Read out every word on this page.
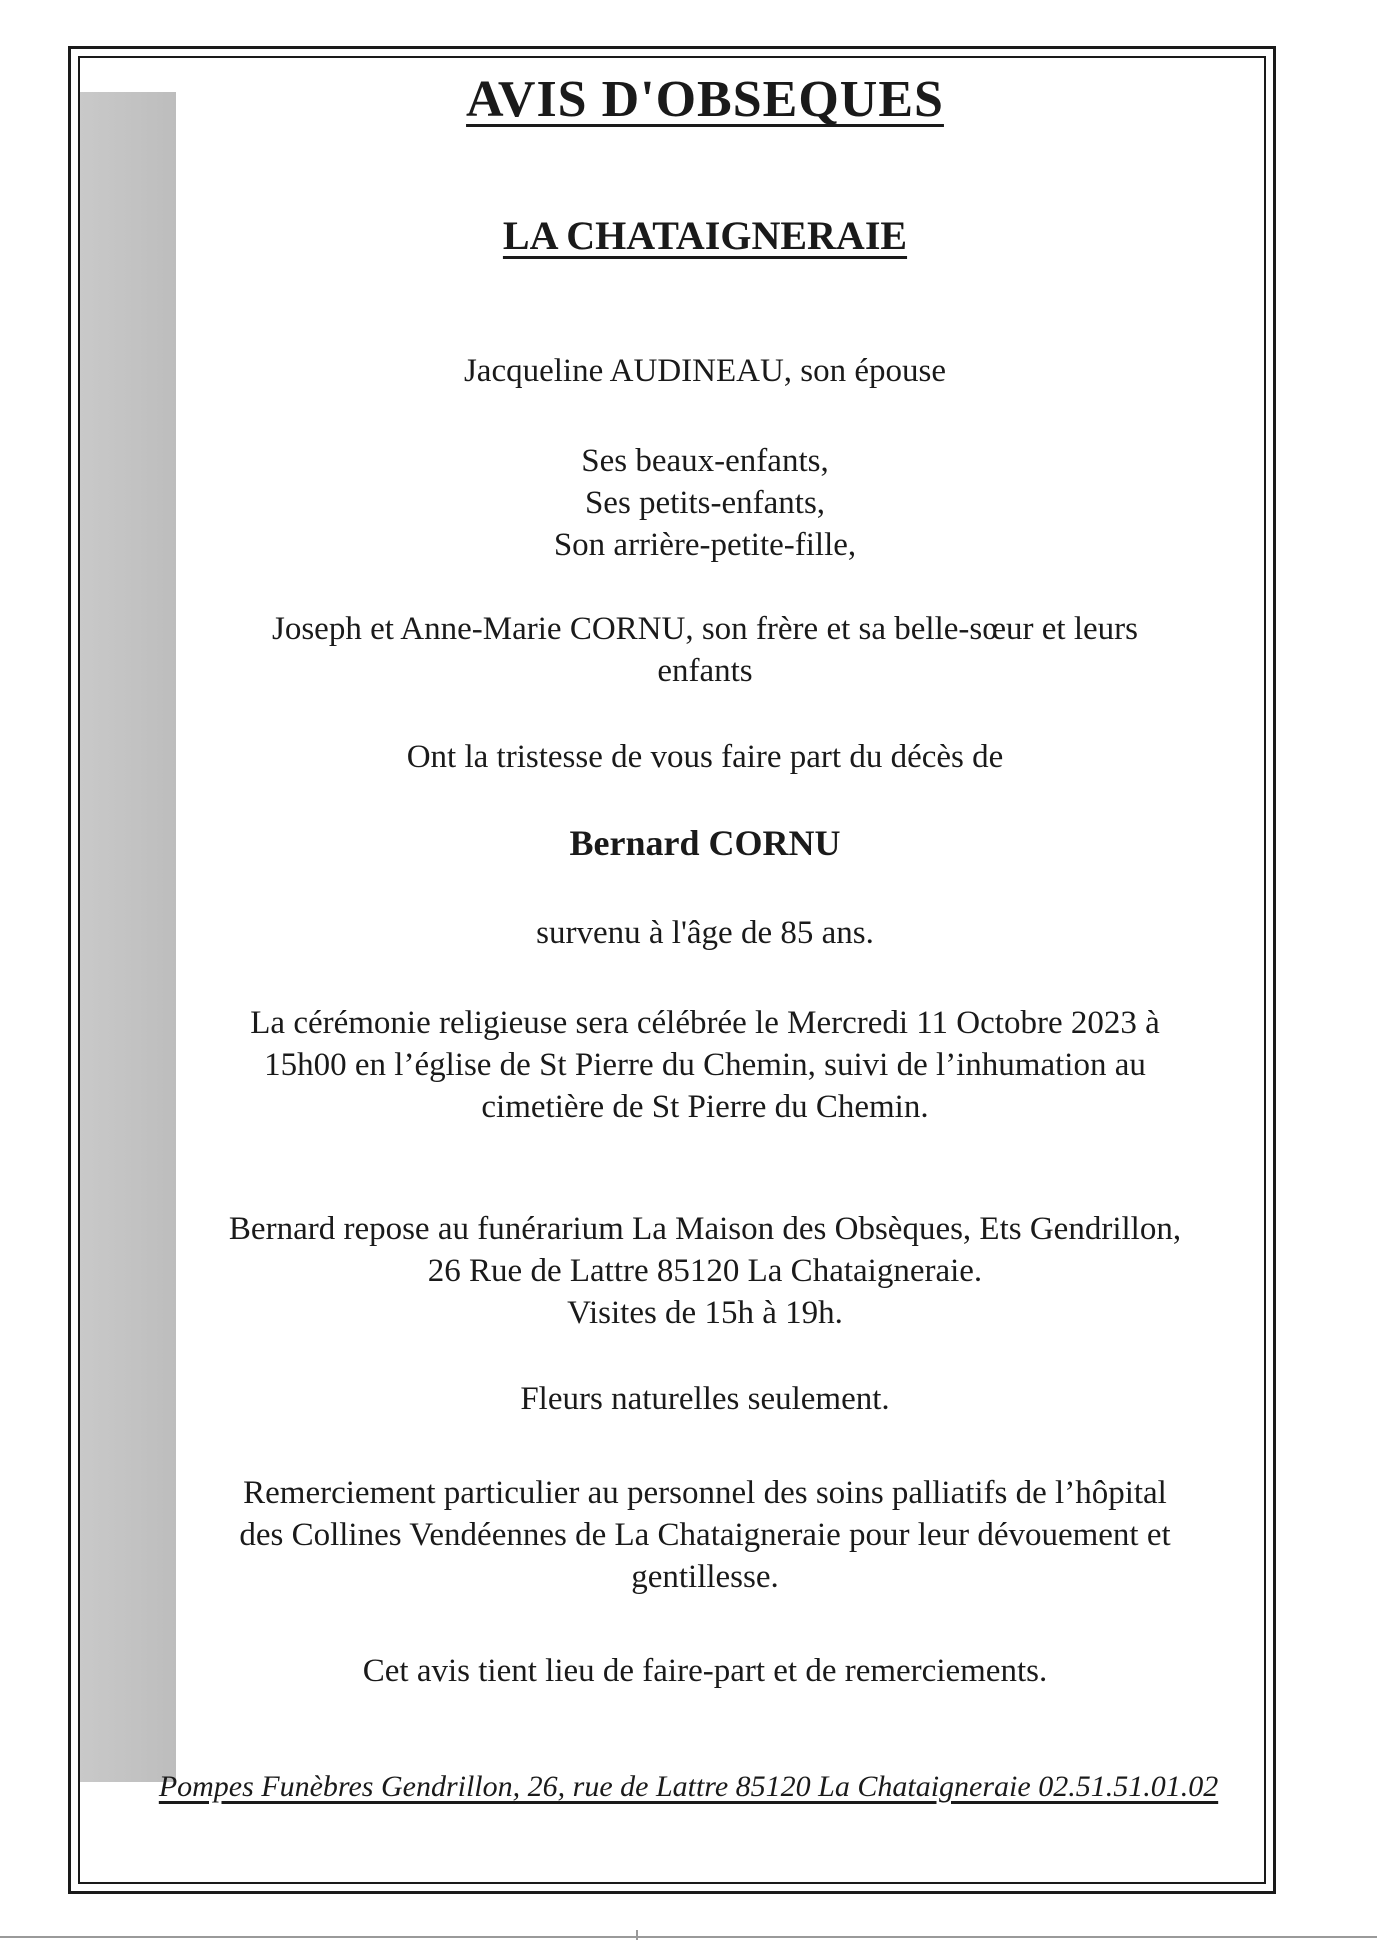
AVIS D'OBSEQUES
LA CHATAIGNERAIE
Jacqueline AUDINEAU, son épouse
Ses beaux-enfants,
Ses petits-enfants,
Son arrière-petite-fille,
Joseph et Anne-Marie CORNU, son frère et sa belle-sœur et leurs
enfants
Ont la tristesse de vous faire part du décès de
Bernard CORNU
survenu à l'âge de 85 ans.
La cérémonie religieuse sera célébrée le Mercredi 11 Octobre 2023 à
15h00 en l’église de St Pierre du Chemin, suivi de l’inhumation au
cimetière de St Pierre du Chemin.
Bernard repose au funérarium La Maison des Obsèques, Ets Gendrillon,
26 Rue de Lattre 85120 La Chataigneraie.
Visites de 15h à 19h.
Fleurs naturelles seulement.
Remerciement particulier au personnel des soins palliatifs de l’hôpital
des Collines Vendéennes de La Chataigneraie pour leur dévouement et
gentillesse.
Cet avis tient lieu de faire-part et de remerciements.
Pompes Funèbres Gendrillon, 26, rue de Lattre 85120 La Chataigneraie 02.51.51.01.02
